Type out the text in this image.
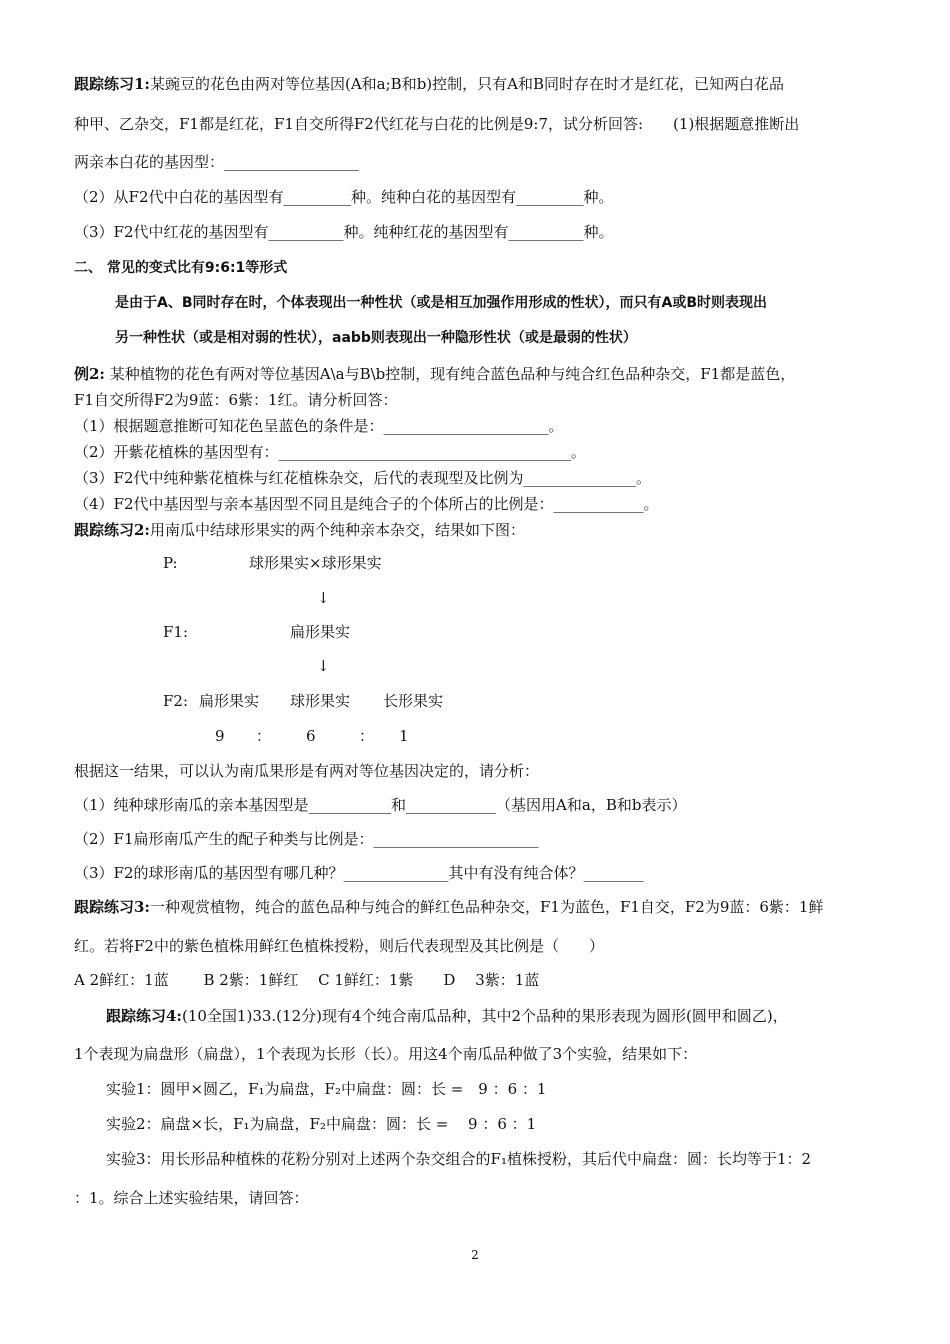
跟踪练习1:某豌豆的花色由两对等位基因(A和a;B和b)控制，只有A和B同时存在时才是红花，已知两白花品
种甲、乙杂交，F1都是红花，F1自交所得F2代红花与白花的比例是9:7，试分析回答:　　(1)根据题意推断出
两亲本白花的基因型：__________________
（2）从F2代中白花的基因型有_________种。纯种白花的基因型有_________种。
（3）F2代中红花的基因型有__________种。纯种红花的基因型有__________种。
二、 常见的变式比有9:6:1等形式
是由于A、B同时存在时，个体表现出一种性状（或是相互加强作用形成的性状），而只有A或B时则表现出
另一种性状（或是相对弱的性状），aabb则表现出一种隐形性状（或是最弱的性状）
例2: 某种植物的花色有两对等位基因A\a与B\b控制，现有纯合蓝色品种与纯合红色品种杂交，F1都是蓝色，
F1自交所得F2为9蓝：6紫：1红。请分析回答：
（1）根据题意推断可知花色呈蓝色的条件是：______________________。
（2）开紫花植株的基因型有：_______________________________________。
（3）F2代中纯种紫花植株与红花植株杂交，后代的表现型及比例为_______________。
（4）F2代中基因型与亲本基因型不同且是纯合子的个体所占的比例是：____________。
跟踪练习2:用南瓜中结球形果实的两个纯种亲本杂交，结果如下图：
P:	球形果实×球形果实
↓
F1:	扁形果实
↓
F2: 扁形果实 球形果实 长形果实
9 ： 6	： 1
根据这一结果，可以认为南瓜果形是有两对等位基因决定的，请分析：
（1）纯种球形南瓜的亲本基因型是___________和____________（基因用A和a，B和b表示）
（2）F1扁形南瓜产生的配子种类与比例是：______________________
（3）F2的球形南瓜的基因型有哪几种？______________其中有没有纯合体？________
跟踪练习3:一种观赏植物，纯合的蓝色品种与纯合的鲜红色品种杂交，F1为蓝色，F1自交，F2为9蓝：6紫：1鲜
红。若将F2中的紫色植株用鲜红色植株授粉，则后代表现型及其比例是（　　）
A 2鲜红：1蓝　　 B 2紫：1鲜红　 C 1鲜红：1紫　　D　 3紫：1蓝
跟踪练习4:(10全国1)33.(12分)现有4个纯合南瓜品种，其中2个品种的果形表现为圆形(圆甲和圆乙)，
1个表现为扁盘形（扁盘），1个表现为长形（长）。用这4个南瓜品种做了3个实验，结果如下：
实验1：圆甲×圆乙，F₁为扁盘，F₂中扁盘：圆：长 =　9 ：6 ：1
实验2：扁盘×长，F₁为扁盘，F₂中扁盘：圆：长 =　 9 ：6 ：1
实验3：用长形品种植株的花粉分别对上述两个杂交组合的F₁植株授粉，其后代中扁盘：圆：长均等于1：2
：1。综合上述实验结果，请回答：
2
